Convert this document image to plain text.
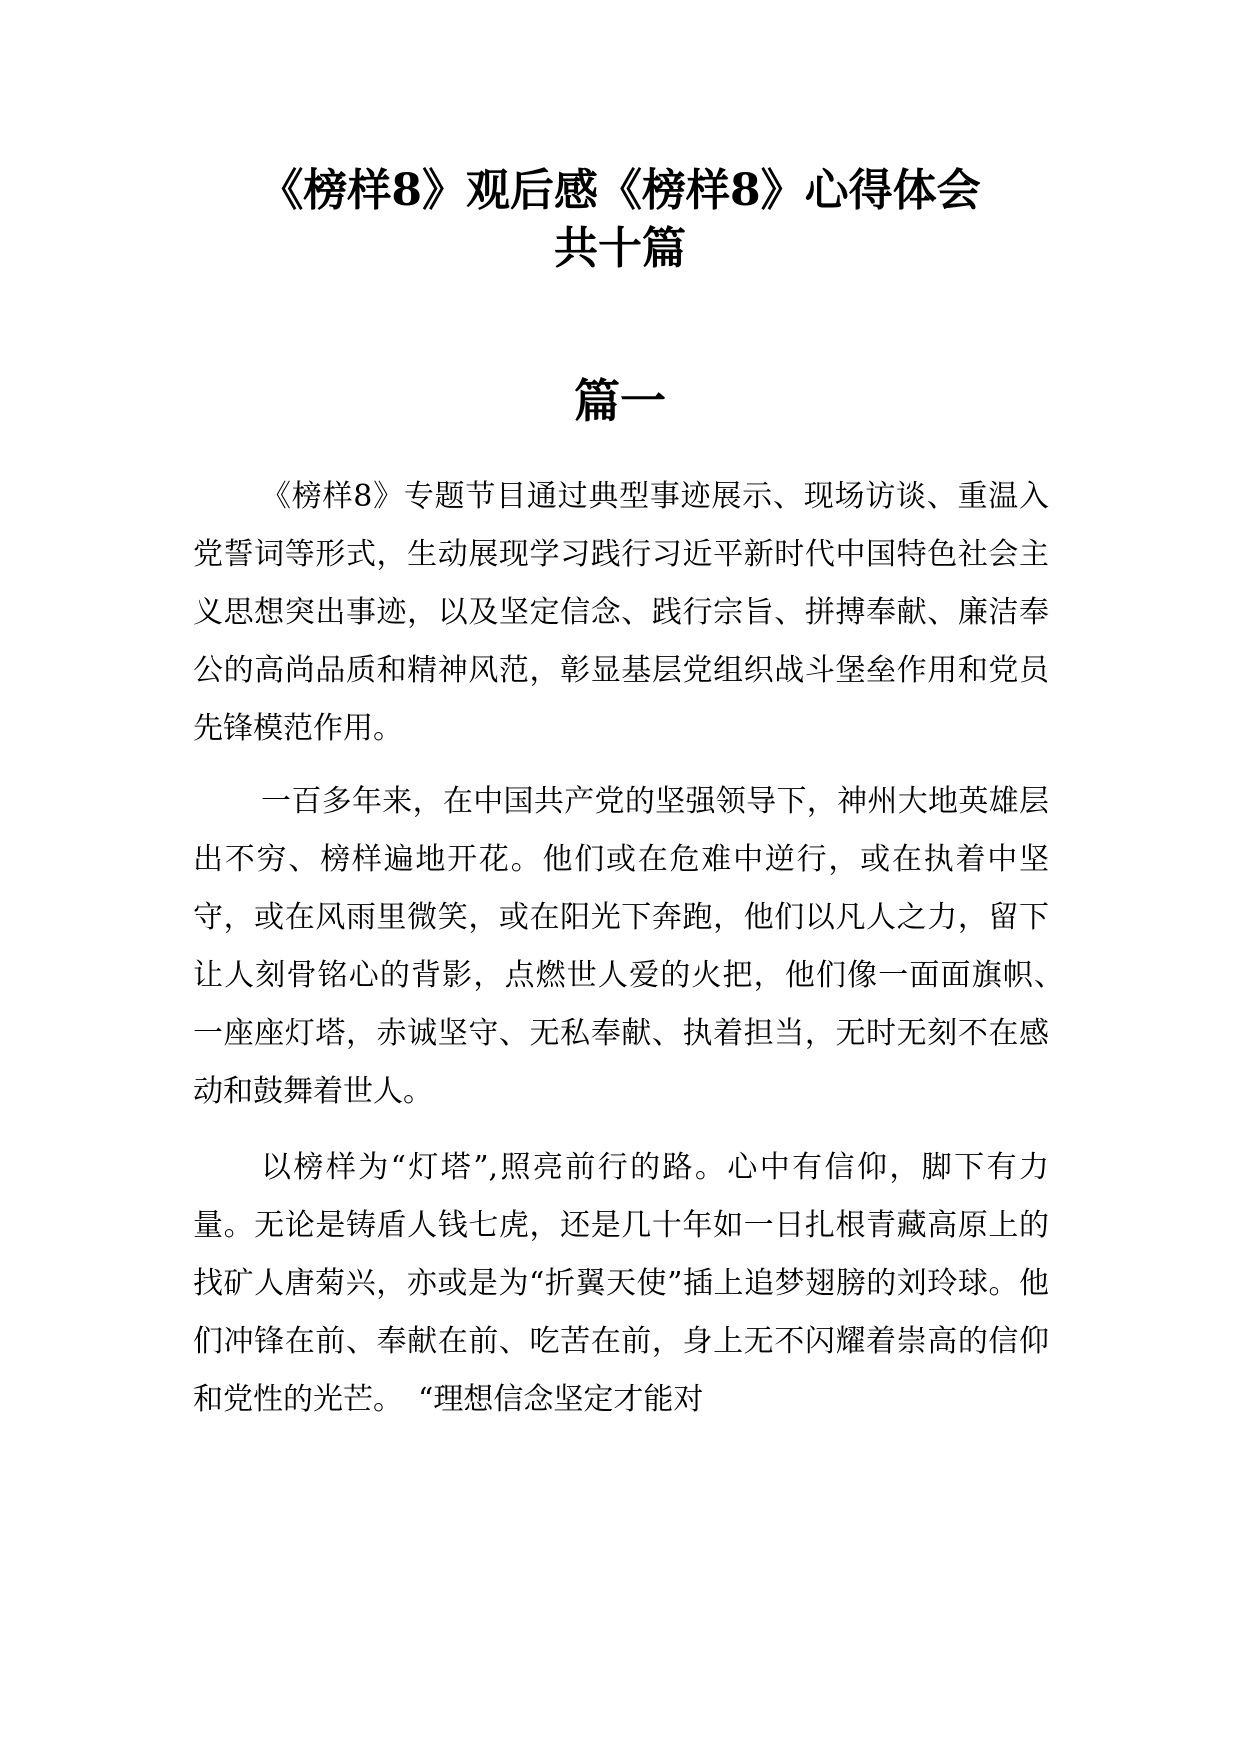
《榜样8》观后感《榜样8》心得体会
共十篇
篇一

《榜样8》专题节目通过典型事迹展示、现场访谈、重温入党誓词等形式，生动展现学习践行习近平新时代中国特色社会主义思想突出事迹，以及坚定信念、践行宗旨、拼搏奉献、廉洁奉公的高尚品质和精神风范，彰显基层党组织战斗堡垒作用和党员先锋模范作用。

一百多年来，在中国共产党的坚强领导下，神州大地英雄层出不穷、榜样遍地开花。他们或在危难中逆行，或在执着中坚守，或在风雨里微笑，或在阳光下奔跑，他们以凡人之力，留下让人刻骨铭心的背影，点燃世人爱的火把，他们像一面面旗帜、　一座座灯塔，赤诚坚守、无私奉献、执着担当，无时无刻不在感动和鼓舞着世人。

以榜样为“灯塔”,照亮前行的路。心中有信仰，脚下有力量。无论是铸盾人钱七虎，还是几十年如一日扎根青藏高原上的找矿人唐菊兴，亦或是为“折翼天使”插上追梦翅膀的刘玲球。他们冲锋在前、奉献在前、吃苦在前，身上无不闪耀着崇高的信仰和党性的光芒。　“理想信念坚定才能对
